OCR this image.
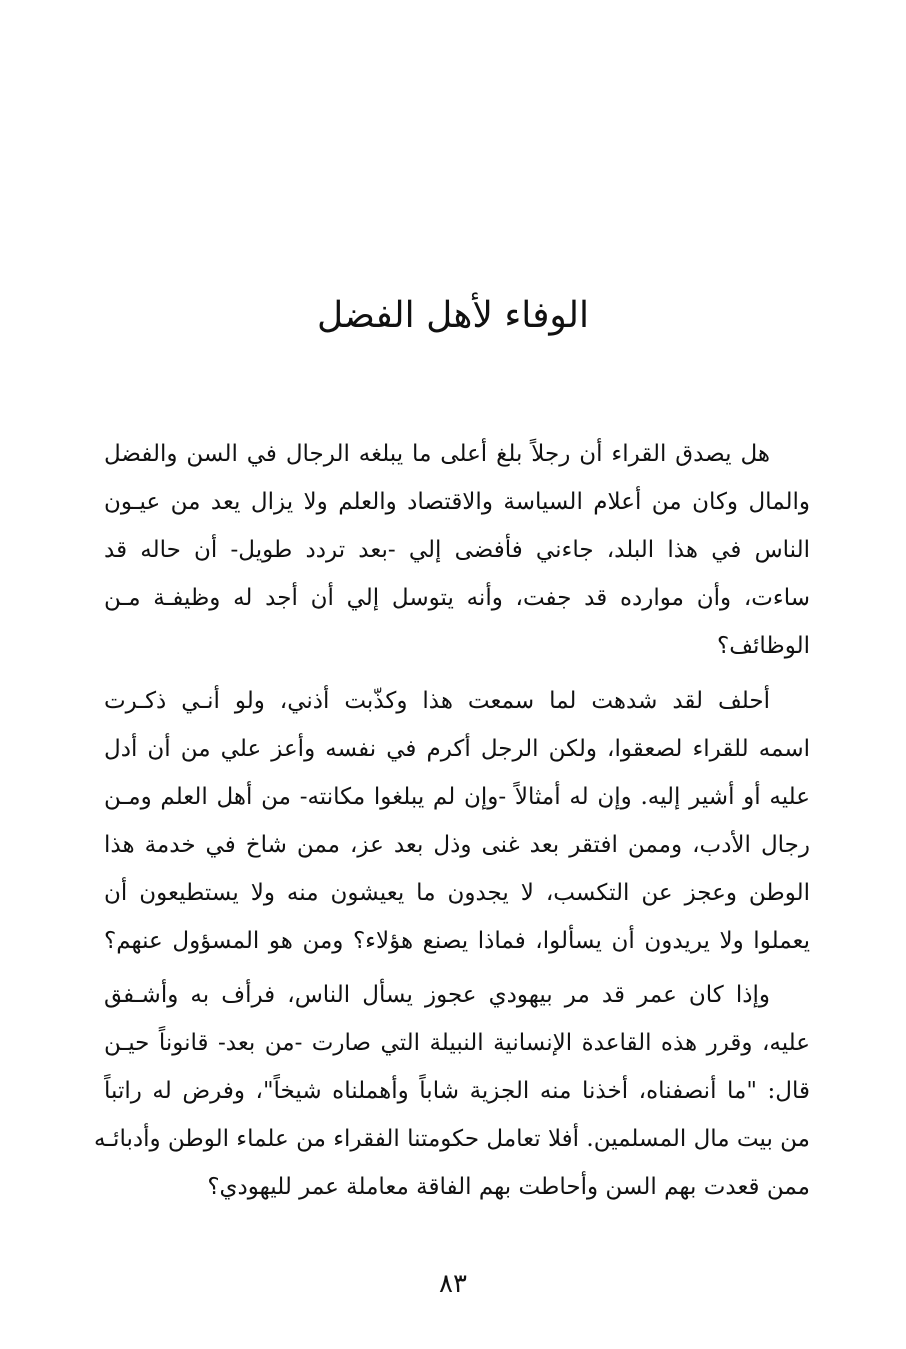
الوفاء لأهل الفضل
هل يصدق القراء أن رجلاً بلغ أعلى ما يبلغه الرجال في السن والفضل
والمال وكان من أعلام السياسة والاقتصاد والعلم ولا يزال يعد من عيـون
الناس في هذا البلد، جاءني فأفضى إلي -بعد تردد طويل- أن حاله قد
ساءت، وأن موارده قد جفت، وأنه يتوسل إلي أن أجد له وظيفـة مـن
الوظائف؟
أحلف لقد شدهت لما سمعت هذا وكذّبت أذني، ولو أنـي ذكـرت
اسمه للقراء لصعقوا، ولكن الرجل أكرم في نفسه وأعز علي من أن أدل
عليه أو أشير إليه. وإن له أمثالاً -وإن لم يبلغوا مكانته- من أهل العلم ومـن
رجال الأدب، وممن افتقر بعد غنى وذل بعد عز، ممن شاخ في خدمة هذا
الوطن وعجز عن التكسب، لا يجدون ما يعيشون منه ولا يستطيعون أن
يعملوا ولا يريدون أن يسألوا، فماذا يصنع هؤلاء؟ ومن هو المسؤول عنهم؟
وإذا كان عمر قد مر بيهودي عجوز يسأل الناس، فرأف به وأشـفق
عليه، وقرر هذه القاعدة الإنسانية النبيلة التي صارت -من بعد- قانوناً حيـن
قال: "ما أنصفناه، أخذنا منه الجزية شاباً وأهملناه شيخاً"، وفرض له راتباً
من بيت مال المسلمين. أفلا تعامل حكومتنا الفقراء من علماء الوطن وأدبائـه
ممن قعدت بهم السن وأحاطت بهم الفاقة معاملة عمر لليهودي؟
٨٣
